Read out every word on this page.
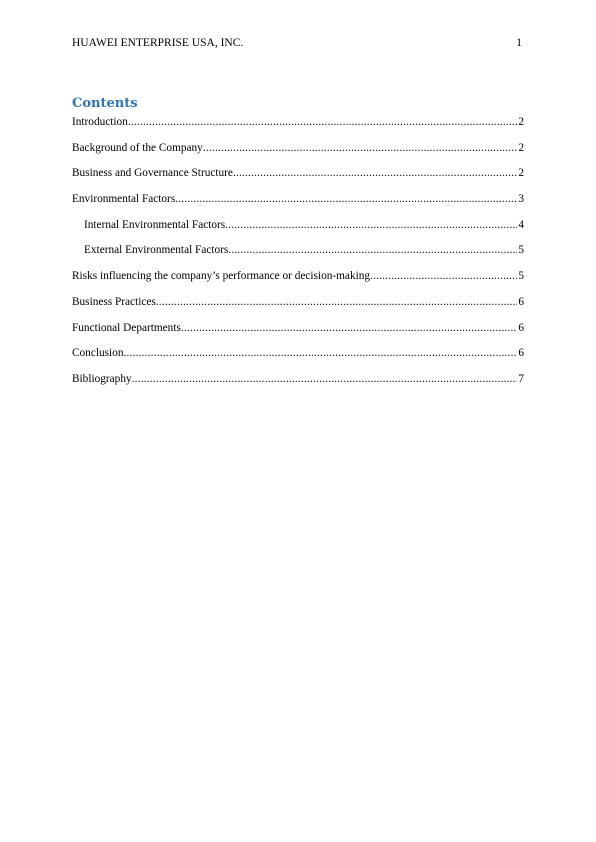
HUAWEI ENTERPRISE USA, INC.	1
Contents
Introduction .....	2
Background of the Company .....	2
Business and Governance Structure .....	2
Environmental Factors .....	3
Internal Environmental Factors .....	4
External Environmental Factors .....	5
Risks influencing the company’s performance or decision-making .....	5
Business Practices .....	6
Functional Departments .....	6
Conclusion .....	6
Bibliography .....	7
